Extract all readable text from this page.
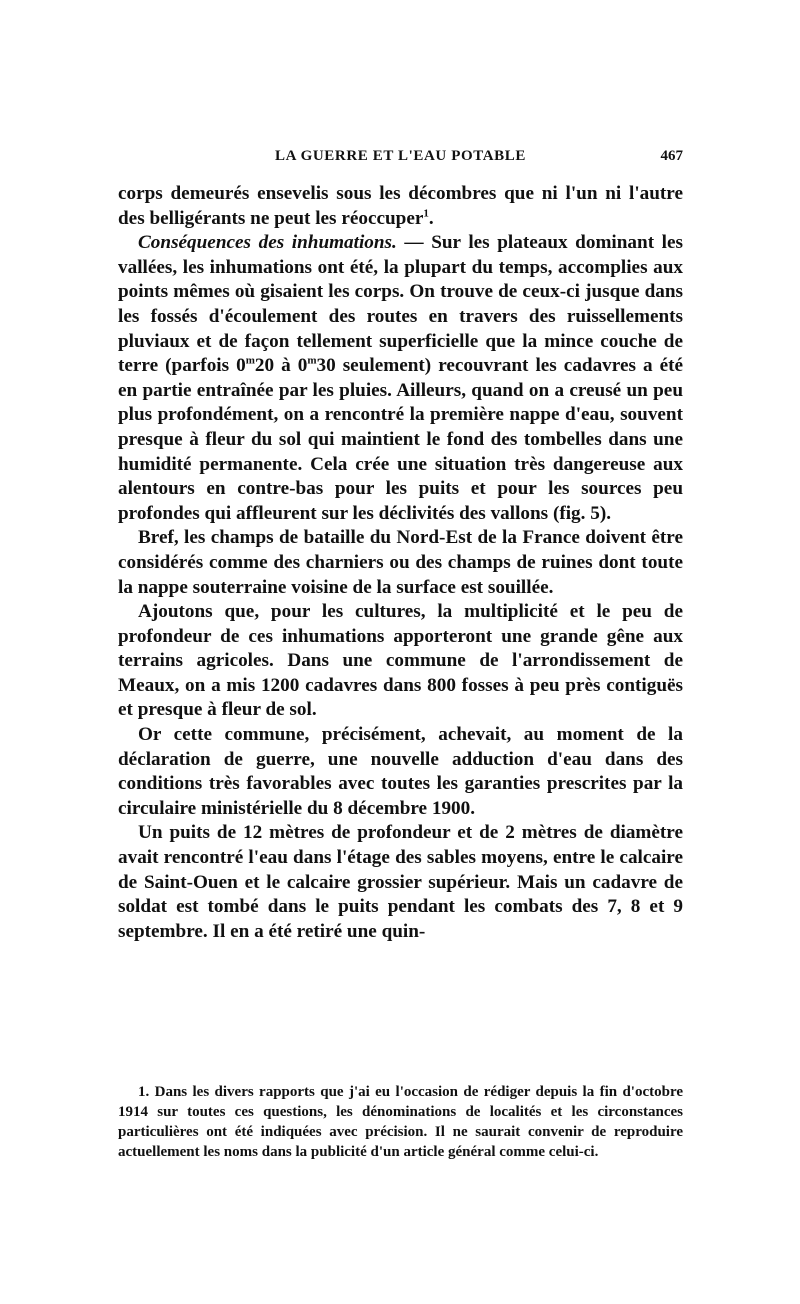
LA GUERRE ET L'EAU POTABLE	467

corps demeurés ensevelis sous les décombres que ni l'un ni l'autre des belligérants ne peut les réoccuper$^1$.

Conséquences des inhumations. — Sur les plateaux dominant les vallées, les inhumations ont été, la plupart du temps, accomplies aux points mêmes où gisaient les corps. On trouve de ceux-ci jusque dans les fossés d'écoulement des routes en travers des ruissellements pluviaux et de façon tellement superficielle que la mince couche de terre (parfois 0$^m$20 à 0$^m$30 seulement) recouvrant les cadavres a été en partie entraînée par les pluies. Ailleurs, quand on a creusé un peu plus profondément, on a rencontré la première nappe d'eau, souvent presque à fleur du sol qui maintient le fond des tombelles dans une humidité permanente. Cela crée une situation très dangereuse aux alentours en contre-bas pour les puits et pour les sources peu profondes qui affleurent sur les déclivités des vallons (fig. 5).

Bref, les champs de bataille du Nord-Est de la France doivent être considérés comme des charniers ou des champs de ruines dont toute la nappe souterraine voisine de la surface est souillée.

Ajoutons que, pour les cultures, la multiplicité et le peu de profondeur de ces inhumations apporteront une grande gêne aux terrains agricoles. Dans une commune de l'arrondissement de Meaux, on a mis 1200 cadavres dans 800 fosses à peu près contiguës et presque à fleur de sol.

Or cette commune, précisément, achevait, au moment de la déclaration de guerre, une nouvelle adduction d'eau dans des conditions très favorables avec toutes les garanties prescrites par la circulaire ministérielle du 8 décembre 1900.

Un puits de 12 mètres de profondeur et de 2 mètres de diamètre avait rencontré l'eau dans l'étage des sables moyens, entre le calcaire de Saint-Ouen et le calcaire grossier supérieur. Mais un cadavre de soldat est tombé dans le puits pendant les combats des 7, 8 et 9 septembre. Il en a été retiré une quin-

1. Dans les divers rapports que j'ai eu l'occasion de rédiger depuis la fin d'octobre 1914 sur toutes ces questions, les dénominations de localités et les circonstances particulières ont été indiquées avec précision. Il ne saurait convenir de reproduire actuellement les noms dans la publicité d'un article général comme celui-ci.
